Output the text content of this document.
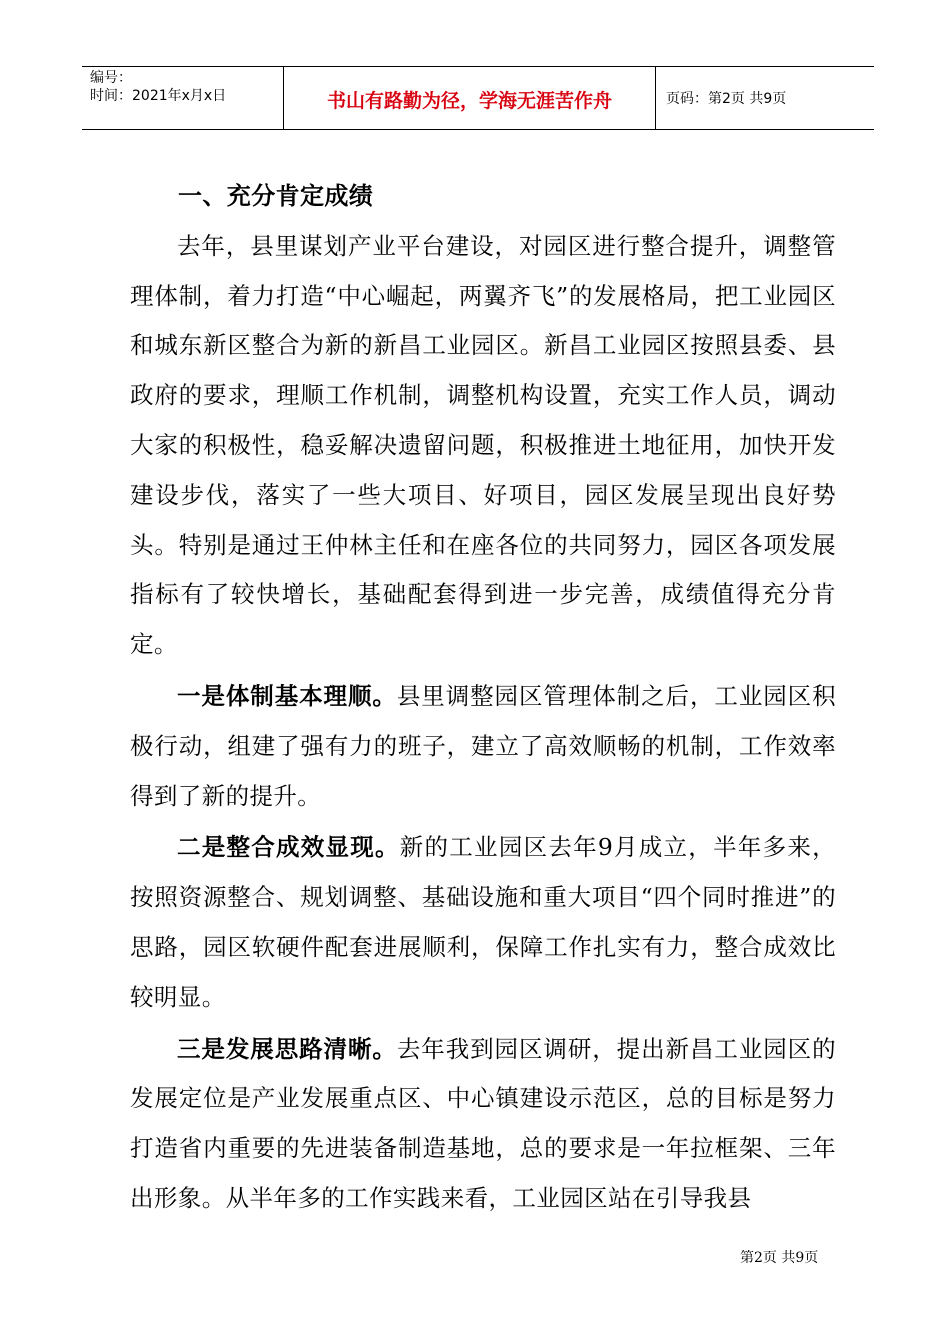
编号：
时间：2021年x月x日	书山有路勤为径，学海无涯苦作舟	页码：第2页 共9页
一、充分肯定成绩

去年，县里谋划产业平台建设，对园区进行整合提升，调整管理体制，着力打造“中心崛起，两翼齐飞”的发展格局，把工业园区和城东新区整合为新的新昌工业园区。新昌工业园区按照县委、县政府的要求，理顺工作机制，调整机构设置，充实工作人员，调动大家的积极性，稳妥解决遗留问题，积极推进土地征用，加快开发建设步伐，落实了一些大项目、好项目，园区发展呈现出良好势头。特别是通过王仲林主任和在座各位的共同努力，园区各项发展指标有了较快增长，基础配套得到进一步完善，成绩值得充分肯定。

一是体制基本理顺。县里调整园区管理体制之后，工业园区积极行动，组建了强有力的班子，建立了高效顺畅的机制，工作效率得到了新的提升。

二是整合成效显现。新的工业园区去年9月成立，半年多来，按照资源整合、规划调整、基础设施和重大项目“四个同时推进”的思路，园区软硬件配套进展顺利，保障工作扎实有力，整合成效比较明显。

三是发展思路清晰。去年我到园区调研，提出新昌工业园区的发展定位是产业发展重点区、中心镇建设示范区，总的目标是努力打造省内重要的先进装备制造基地，总的要求是一年拉框架、三年出形象。从半年多的工作实践来看，工业园区站在引导我县

第2页 共9页
